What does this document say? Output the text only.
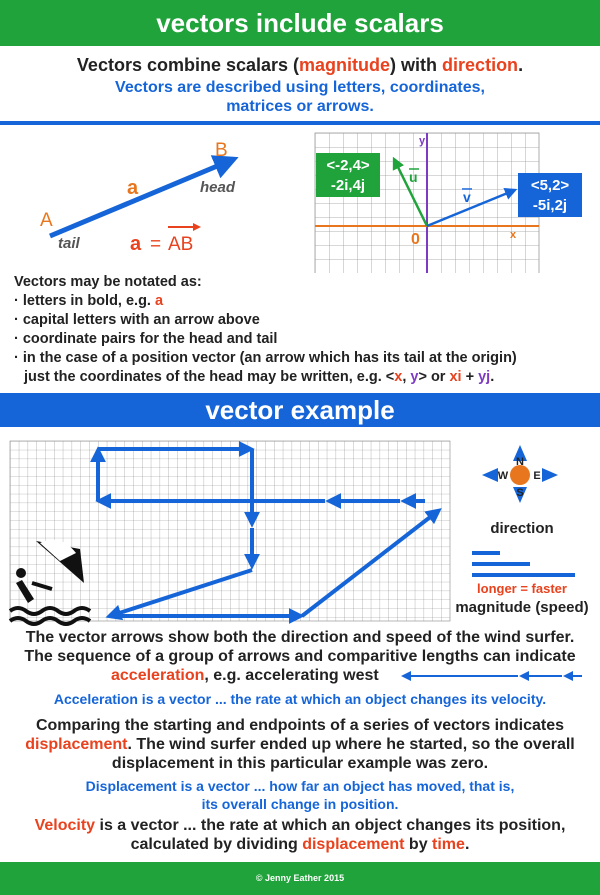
vectors include scalars
Vectors combine scalars (magnitude) with direction.
Vectors are described using letters, coordinates,
matrices or arrows.
A
B
a
tail
head
a = AB
y
x
0
u
v
<-2,4>
-2i,4j	<5,2>
-5i,2j
Vectors may be notated as:
· letters in bold, e.g. a
· capital letters with an arrow above
· coordinate pairs for the head and tail
· in the case of a position vector (an arrow which has its tail at the origin)
just the coordinates of the head may be written, e.g. <x, y> or xi + yj.
vector example
N
S
E
W
direction
longer = faster
magnitude (speed)
The vector arrows show both the direction and speed of the wind surfer.
The sequence of a group of arrows and comparitive lengths can indicate
acceleration, e.g. accelerating west
Acceleration is a vector ... the rate at which an object changes its velocity.
Comparing the starting and endpoints of a series of vectors indicates
displacement. The wind surfer ended up where he started, so the overall
displacement in this particular example was zero.
Displacement is a vector ... how far an object has moved, that is,
its overall change in position.
Velocity is a vector ... the rate at which an object changes its position,
calculated by dividing displacement by time.
© Jenny Eather 2015
